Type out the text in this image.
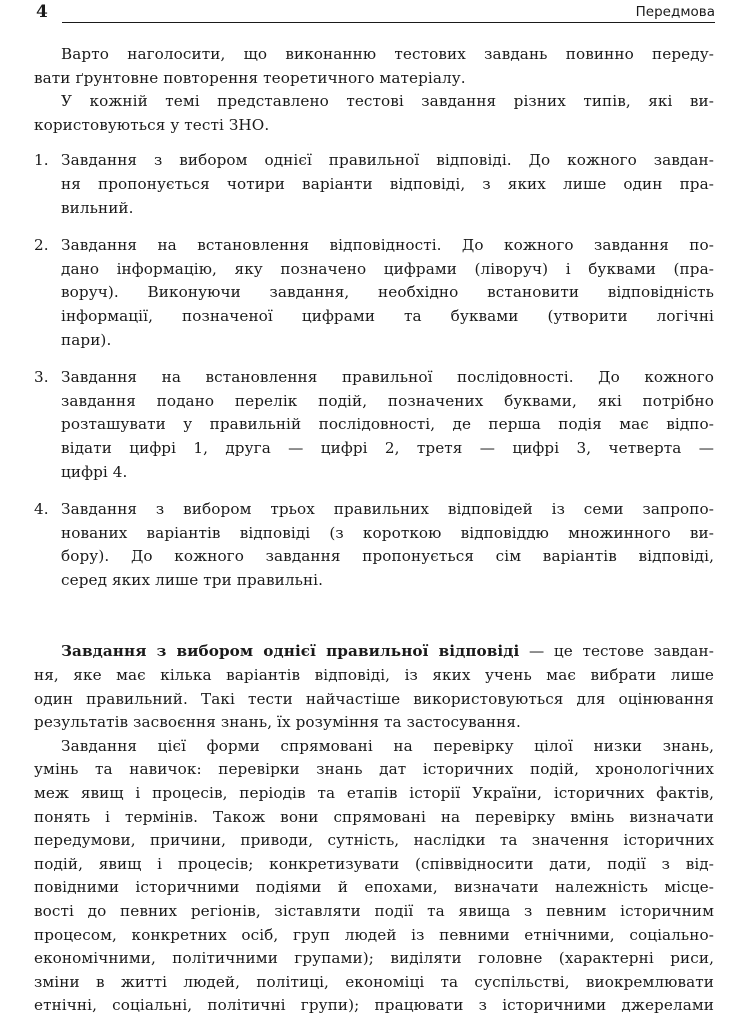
4	Передмова

Варто наголосити, що виконанню тестових завдань повинно переду-
вати ґрунтовне повторення теоретичного матеріалу.

У кожній темі представлено тестові завдання різних типів, які ви-
користовуються у тесті ЗНО.

1. Завдання з вибором однієї правильної відповіді. До кожного завдан-
ня пропонується чотири варіанти відповіді, з яких лише один пра-
вильний.
2. Завдання на встановлення відповідності. До кожного завдання по-
дано інформацію, яку позначено цифрами (ліворуч) і буквами (пра-
воруч). Виконуючи завдання, необхідно встановити відповідність
інформації, позначеної цифрами та буквами (утворити логічні
пари).
3. Завдання на встановлення правильної послідовності. До кожного
завдання подано перелік подій, позначених буквами, які потрібно
розташувати у правильній послідовності, де перша подія має відпо-
відати цифрі 1, друга — цифрі 2, третя — цифрі 3, четверта —
цифрі 4.
4. Завдання з вибором трьох правильних відповідей із семи запропо-
нованих варіантів відповіді (з короткою відповіддю множинного ви-
бору). До кожного завдання пропонується сім варіантів відповіді,
серед яких лише три правильні.

Завдання з вибором однієї правильної відповіді — це тестове завдан-
ня, яке має кілька варіантів відповіді, із яких учень має вибрати лише
один правильний. Такі тести найчастіше використовуються для оцінювання
результатів засвоєння знань, їх розуміння та застосування.

Завдання цієї форми спрямовані на перевірку цілої низки знань,
умінь та навичок: перевірки знань дат історичних подій, хронологічних
меж явищ і процесів, періодів та етапів історії України, історичних фактів,
понять і термінів. Також вони спрямовані на перевірку вмінь визначати
передумови, причини, приводи, сутність, наслідки та значення історичних
подій, явищ і процесів; конкретизувати (співвідносити дати, події з від-
повідними історичними подіями й епохами, визначати належність місце-
вості до певних регіонів, зіставляти події та явища з певним історичним
процесом, конкретних осіб, груп людей із певними етнічними, соціально-
економічними, політичними групами); виділяти головне (характерні риси,
зміни в житті людей, політиці, економіці та суспільстві, виокремлювати
етнічні, соціальні, політичні групи); працювати з історичними джерелами
